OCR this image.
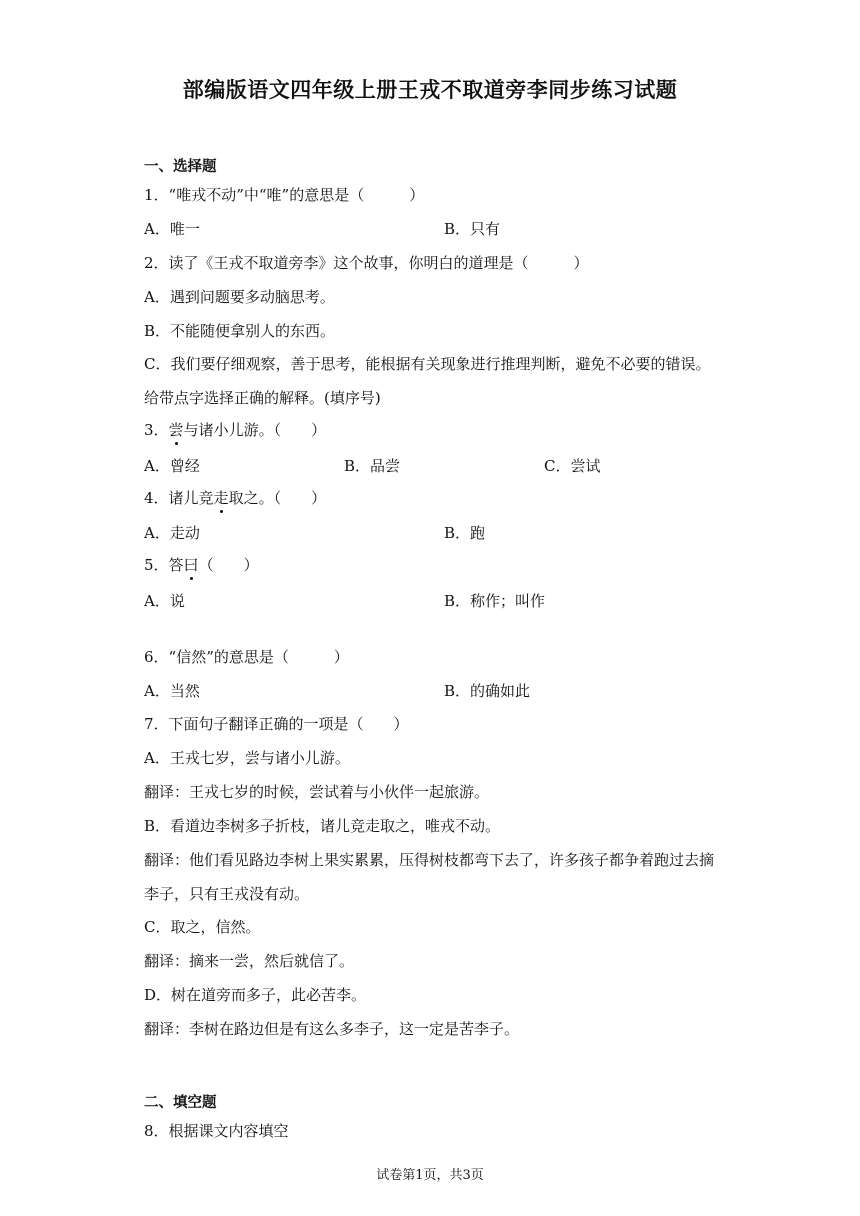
部编版语文四年级上册王戎不取道旁李同步练习试题
一、选择题
1．“唯戎不动”中“唯”的意思是（　　　）
A．唯一	B．只有
2．读了《王戎不取道旁李》这个故事，你明白的道理是（　　　）
A．遇到问题要多动脑思考。
B．不能随便拿别人的东西。
C．我们要仔细观察，善于思考，能根据有关现象进行推理判断，避免不必要的错误。
给带点字选择正确的解释。(填序号)
3．尝与诸小儿游。（　　）
A．曾经	B．品尝	C．尝试
4．诸儿竞走取之。（　　）
A．走动	B．跑
5．答曰（　　）
A．说	B．称作；叫作
6．“信然”的意思是（　　　）
A．当然	B．的确如此
7．下面句子翻译正确的一项是（　　）
A．王戎七岁，尝与诸小儿游。
翻译：王戎七岁的时候，尝试着与小伙伴一起旅游。
B．看道边李树多子折枝，诸儿竞走取之，唯戎不动。
翻译：他们看见路边李树上果实累累，压得树枝都弯下去了，许多孩子都争着跑过去摘
李子，只有王戎没有动。
C．取之，信然。
翻译：摘来一尝，然后就信了。
D．树在道旁而多子，此必苦李。
翻译：李树在路边但是有这么多李子，这一定是苦李子。
二、填空题
8．根据课文内容填空
试卷第1页，共3页
